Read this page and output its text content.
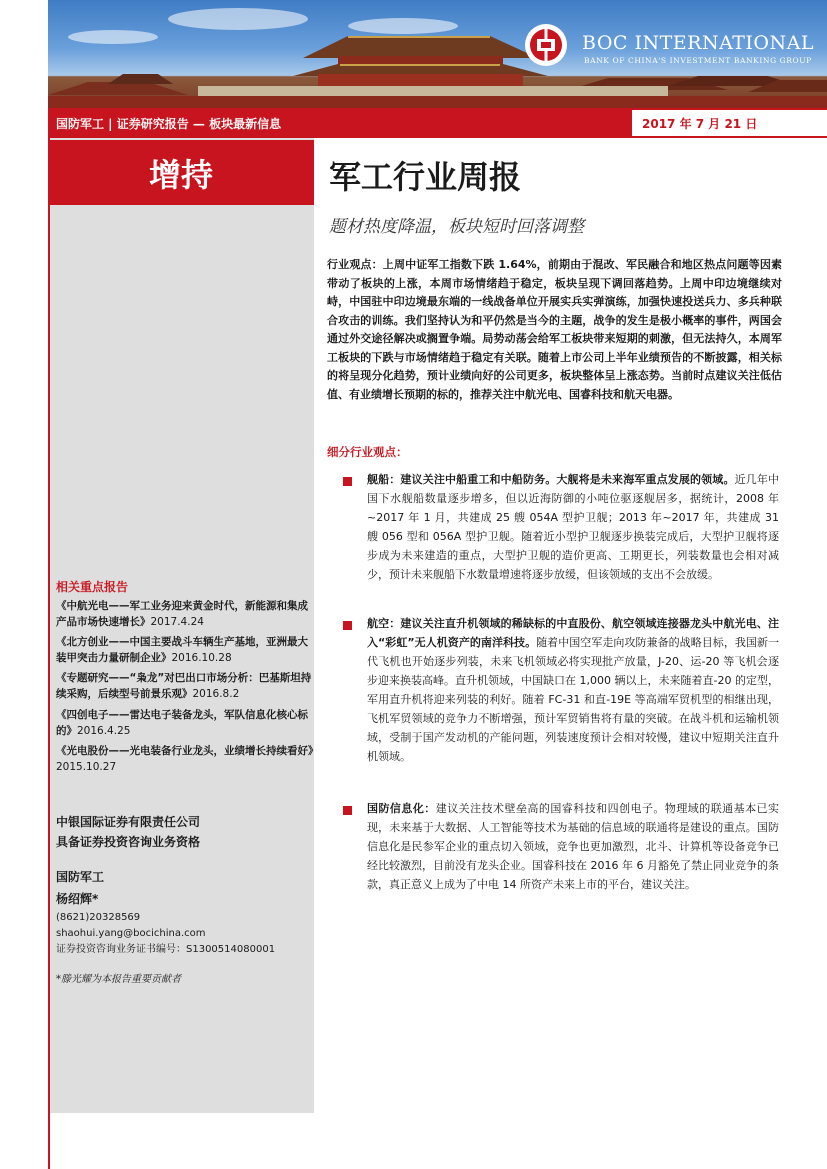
BOC INTERNATIONAL
BANK OF CHINA'S INVESTMENT BANKING GROUP
国防军工 | 证券研究报告 — 板块最新信息	2017 年 7 月 21 日
增持
相关重点报告
《中航光电——军工业务迎来黄金时代，新能源和集成产品市场快速增长》2017.4.24
《北方创业——中国主要战斗车辆生产基地，亚洲最大装甲突击力量研制企业》2016.10.28
《专题研究——“枭龙”对巴出口市场分析：巴基斯坦持续采购，后续型号前景乐观》2016.8.2
《四创电子——雷达电子装备龙头，军队信息化核心标的》2016.4.25
《光电股份——光电装备行业龙头，业绩增长持续看好》2015.10.27
中银国际证券有限责任公司
具备证券投资咨询业务资格
国防军工
杨绍辉*
(8621)20328569
shaohui.yang@bocichina.com
证券投资咨询业务证书编号：S1300514080001
*滕光耀为本报告重要贡献者
军工行业周报
题材热度降温，板块短时回落调整
行业观点：上周中证军工指数下跌 1.64%，前期由于混改、军民融合和地区热点问题等因素带动了板块的上涨，本周市场情绪趋于稳定，板块呈现下调回落趋势。上周中印边境继续对峙，中国驻中印边境最东端的一线战备单位开展实兵实弹演练，加强快速投送兵力、多兵种联合攻击的训练。我们坚持认为和平仍然是当今的主题，战争的发生是极小概率的事件，两国会通过外交途径解决或搁置争端。局势动荡会给军工板块带来短期的刺激，但无法持久，本周军工板块的下跌与市场情绪趋于稳定有关联。随着上市公司上半年业绩预告的不断披露，相关标的将呈现分化趋势，预计业绩向好的公司更多，板块整体呈上涨态势。当前时点建议关注低估值、有业绩增长预期的标的，推荐关注中航光电、国睿科技和航天电器。
细分行业观点：
舰船：建议关注中船重工和中船防务。大舰将是未来海军重点发展的领域。近几年中国下水舰船数量逐步增多，但以近海防御的小吨位驱逐舰居多，据统计，2008 年~2017 年 1 月，共建成 25 艘 054A 型护卫舰；2013 年~2017 年，共建成 31 艘 056 型和 056A 型护卫舰。随着近小型护卫舰逐步换装完成后，大型护卫舰将逐步成为未来建造的重点，大型护卫舰的造价更高、工期更长，列装数量也会相对减少，预计未来舰船下水数量增速将逐步放缓，但该领域的支出不会放缓。
航空：建议关注直升机领域的稀缺标的中直股份、航空领域连接器龙头中航光电、注入“彩虹”无人机资产的南洋科技。随着中国空军走向攻防兼备的战略目标，我国新一代飞机也开始逐步列装，未来飞机领域必将实现批产放量，J-20、运-20 等飞机会逐步迎来换装高峰。直升机领域，中国缺口在 1,000 辆以上，未来随着直-20 的定型，军用直升机将迎来列装的利好。随着 FC-31 和直-19E 等高端军贸机型的相继出现，飞机军贸领域的竞争力不断增强，预计军贸销售将有量的突破。在战斗机和运输机领域，受制于国产发动机的产能问题，列装速度预计会相对较慢，建议中短期关注直升机领域。
国防信息化：建议关注技术壁垒高的国睿科技和四创电子。物理域的联通基本已实现，未来基于大数据、人工智能等技术为基础的信息域的联通将是建设的重点。国防信息化是民参军企业的重点切入领域，竞争也更加激烈，北斗、计算机等设备竞争已经比较激烈，目前没有龙头企业。国睿科技在 2016 年 6 月豁免了禁止同业竞争的条款，真正意义上成为了中电 14 所资产未来上市的平台，建议关注。
